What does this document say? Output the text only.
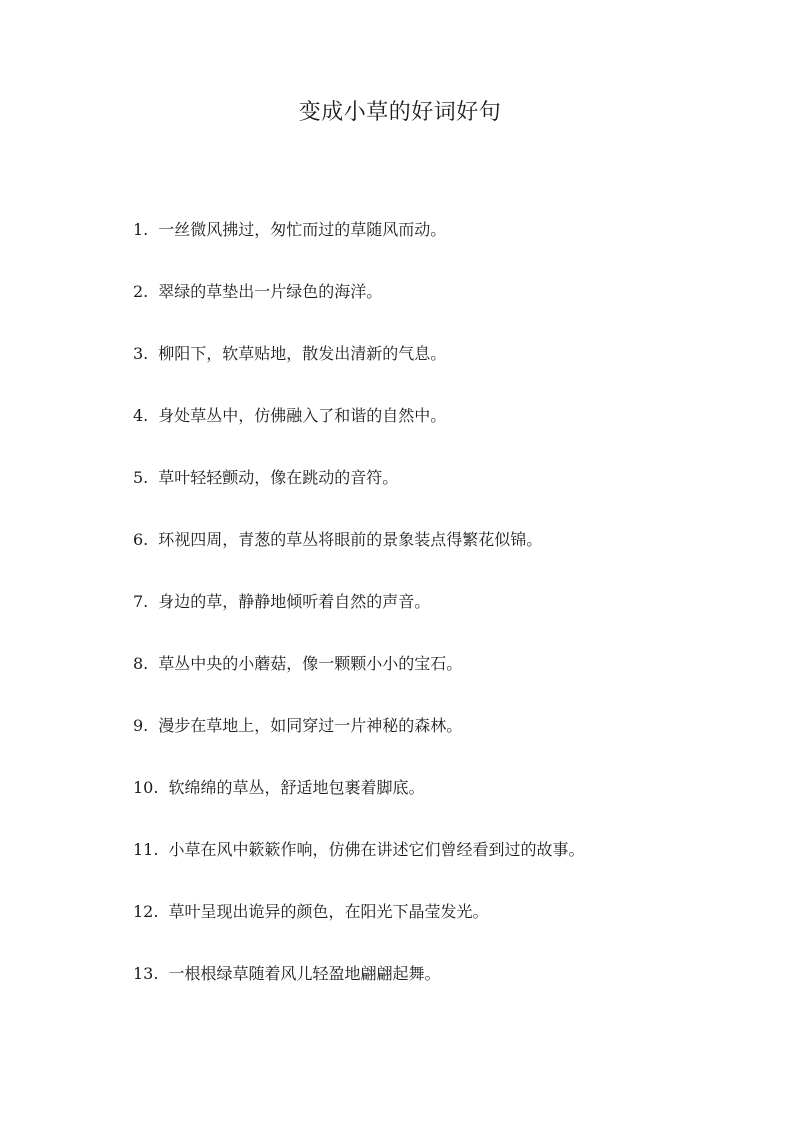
变成小草的好词好句
1. 一丝微风拂过，匆忙而过的草随风而动。
2. 翠绿的草垫出一片绿色的海洋。
3. 柳阳下，软草贴地，散发出清新的气息。
4. 身处草丛中，仿佛融入了和谐的自然中。
5. 草叶轻轻颤动，像在跳动的音符。
6. 环视四周，青葱的草丛将眼前的景象装点得繁花似锦。
7. 身边的草，静静地倾听着自然的声音。
8. 草丛中央的小蘑菇，像一颗颗小小的宝石。
9. 漫步在草地上，如同穿过一片神秘的森林。
10. 软绵绵的草丛，舒适地包裹着脚底。
11. 小草在风中簌簌作响，仿佛在讲述它们曾经看到过的故事。
12. 草叶呈现出诡异的颜色，在阳光下晶莹发光。
13. 一根根绿草随着风儿轻盈地翩翩起舞。
